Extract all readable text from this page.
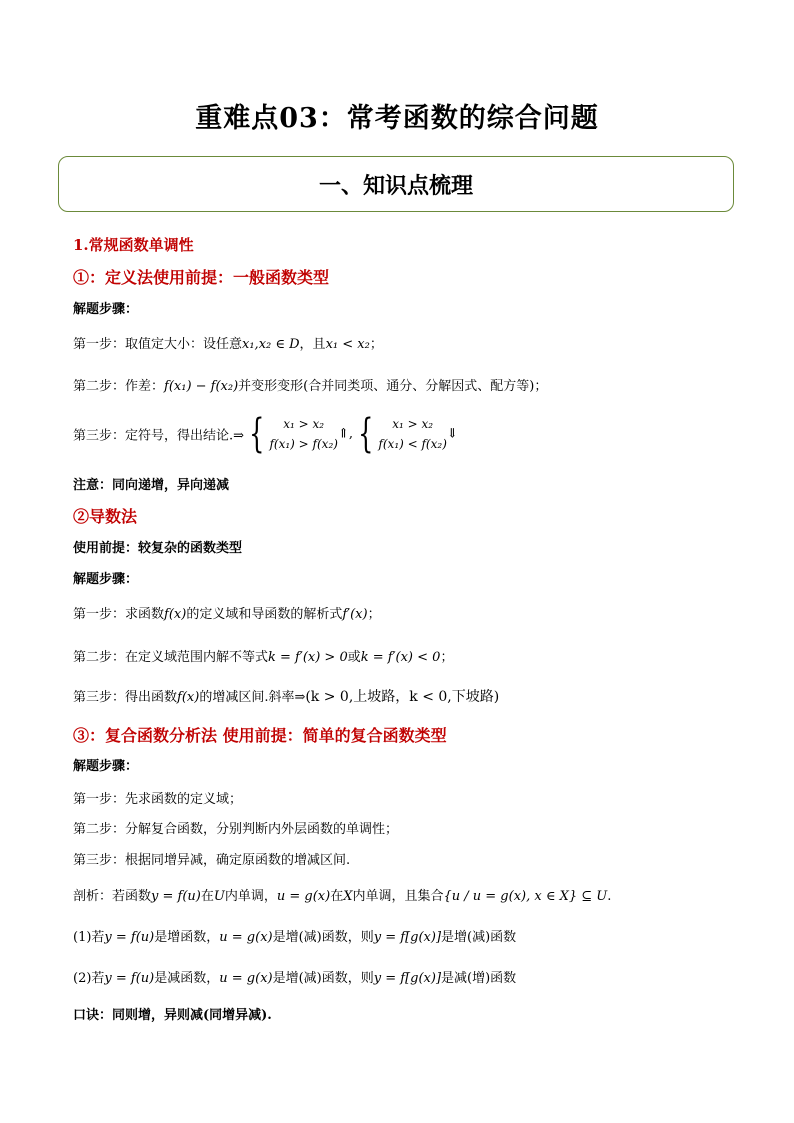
重难点03：常考函数的综合问题
一、知识点梳理
1.常规函数单调性
①：定义法使用前提：一般函数类型
解题步骤：
第一步：取值定大小：设任意x₁,x₂ ∈ D，且x₁ < x₂；
第二步：作差：f(x₁) − f(x₂)并变形变形(合并同类项、通分、分解因式、配方等)；
第三步：定符号，得出结论.⇒ {	x₁ > x₂
f(x₁) > f(x₂)
⇑, {	x₁ > x₂
f(x₁) < f(x₂)
⇓
注意：同向递增，异向递减
②导数法
使用前提：较复杂的函数类型
解题步骤：
第一步：求函数f(x)的定义域和导函数的解析式f′(x)；
第二步：在定义域范围内解不等式k = f′(x) > 0或k = f′(x) < 0；
第三步：得出函数f(x)的增减区间.斜率⇒(k > 0,上坡路，k < 0,下坡路)
③：复合函数分析法 使用前提：简单的复合函数类型
解题步骤：
第一步：先求函数的定义域；
第二步：分解复合函数，分别判断内外层函数的单调性；
第三步：根据同增异减，确定原函数的增减区间.
剖析：若函数y = f(u)在U内单调，u = g(x)在X内单调，且集合{u / u = g(x), x ∈ X} ⊆ U.
(1)若y = f(u)是增函数，u = g(x)是增(减)函数，则y = f[g(x)]是增(减)函数
(2)若y = f(u)是减函数，u = g(x)是增(减)函数，则y = f[g(x)]是减(增)函数
口诀：同则增，异则减(同增异减).
